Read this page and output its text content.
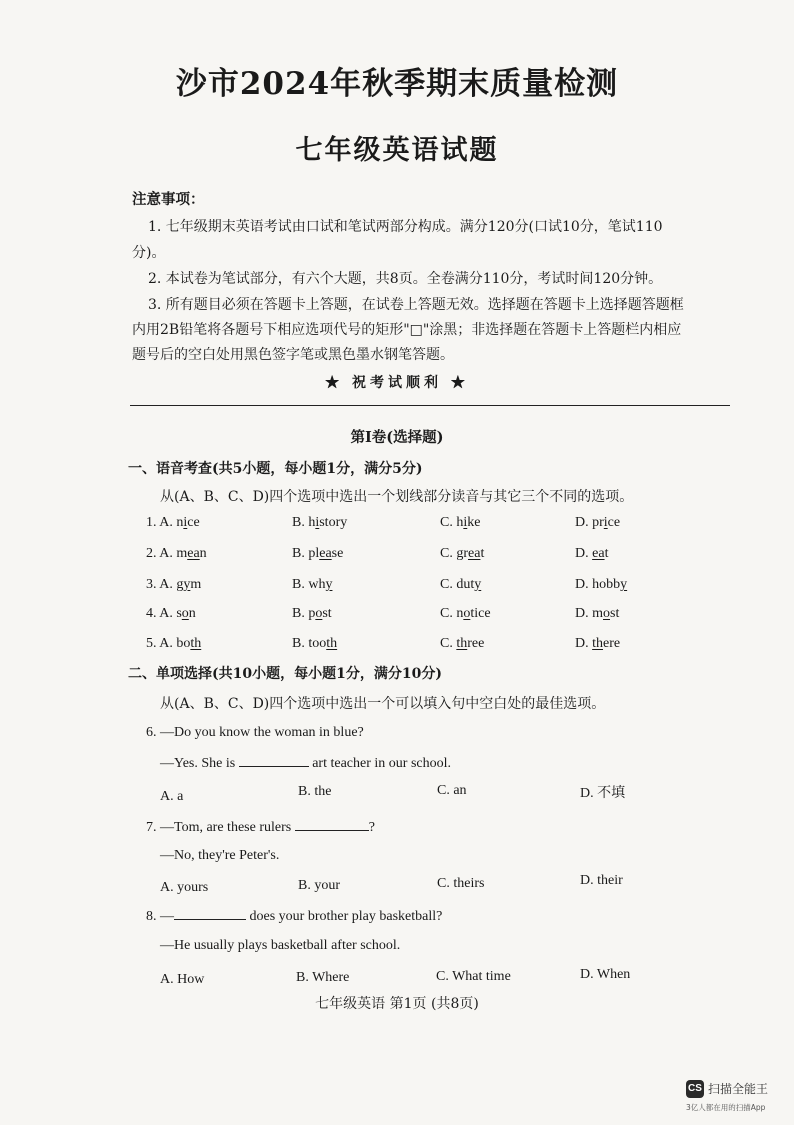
沙市2024年秋季期末质量检测
七年级英语试题
注意事项：
1. 七年级期末英语考试由口试和笔试两部分构成。满分120分(口试10分，笔试110
分)。
2. 本试卷为笔试部分，有六个大题，共8页。全卷满分110分，考试时间120分钟。
3. 所有题目必须在答题卡上答题，在试卷上答题无效。选择题在答题卡上选择题答题框
内用2B铅笔将各题号下相应选项代号的矩形"□"涂黑；非选择题在答题卡上答题栏内相应
题号后的空白处用黑色签字笔或黑色墨水钢笔答题。
★ 祝考试顺利 ★
第Ⅰ卷(选择题)
一、语音考查(共5小题，每小题1分，满分5分)
从(A、B、C、D)四个选项中选出一个划线部分读音与其它三个不同的选项。
1. A. nice	B. history	C. hike	D. price
2. A. mean	B. please	C. great	D. eat
3. A. gym	B. why	C. duty	D. hobby
4. A. son	B. post	C. notice	D. most
5. A. both	B. tooth	C. three	D. there
二、单项选择(共10小题，每小题1分，满分10分)
从(A、B、C、D)四个选项中选出一个可以填入句中空白处的最佳选项。
6. —Do you know the woman in blue?
—Yes. She is	art teacher in our school.
A. a	B. the	C. an	D. 不填
7. —Tom, are these rulers	?
—No, they're Peter's.
A. yours	B. your	C. theirs	D. their
8. —	does your brother play basketball?
—He usually plays basketball after school.
A. How	B. Where	C. What time	D. When
七年级英语 第1页 (共8页)
CS 扫描全能王
3亿人都在用的扫描App
